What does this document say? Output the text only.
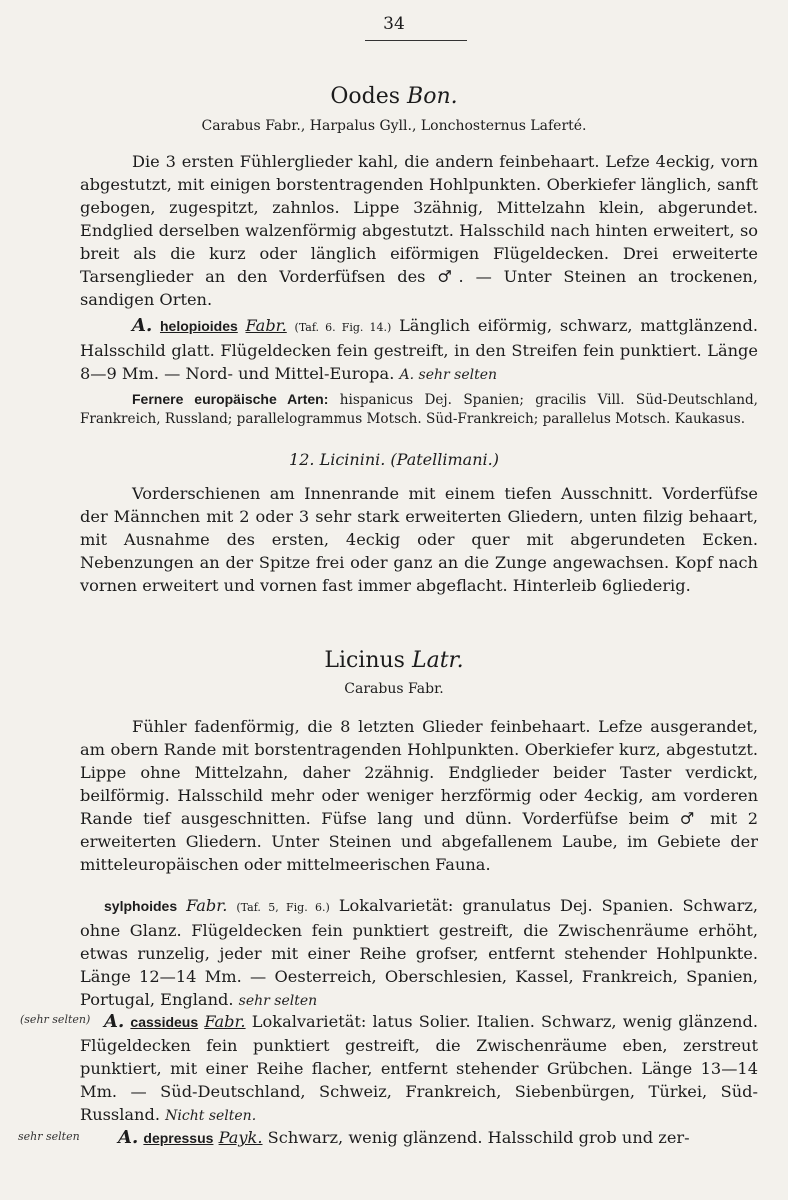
34
Oodes Bon.
Carabus Fabr., Harpalus Gyll., Lonchosternus Laferté.
Die 3 ersten Fühlerglieder kahl, die andern feinbehaart. Lefze 4eckig, vorn abgestutzt, mit einigen borstentragenden Hohlpunkten. Oberkiefer länglich, sanft gebogen, zugespitzt, zahnlos. Lippe 3zähnig, Mittelzahn klein, abgerundet. Endglied derselben walzenförmig abgestutzt. Halsschild nach hinten erweitert, so breit als die kurz oder länglich eiförmigen Flügeldecken. Drei erweiterte Tarsenglieder an den Vorderfüfsen des ♂. — Unter Steinen an trockenen, sandigen Orten.
A. helopioides Fabr. (Taf. 6. Fig. 14.) Länglich eiförmig, schwarz, mattglänzend. Halsschild glatt. Flügeldecken fein gestreift, in den Streifen fein punktiert. Länge 8—9 Mm. — Nord- und Mittel-Europa. A. sehr selten
Fernere europäische Arten: hispanicus Dej. Spanien; gracilis Vill. Süd-Deutschland, Frankreich, Russland; parallelogrammus Motsch. Süd-Frankreich; parallelus Motsch. Kaukasus.
12. Licinini. (Patellimani.)
Vorderschienen am Innenrande mit einem tiefen Ausschnitt. Vorderfüfse der Männchen mit 2 oder 3 sehr stark erweiterten Gliedern, unten filzig behaart, mit Ausnahme des ersten, 4eckig oder quer mit abgerundeten Ecken. Nebenzungen an der Spitze frei oder ganz an die Zunge angewachsen. Kopf nach vornen erweitert und vornen fast immer abgeflacht. Hinterleib 6gliederig.
Licinus Latr.
Carabus Fabr.
Fühler fadenförmig, die 8 letzten Glieder feinbehaart. Lefze ausgerandet, am obern Rande mit borstentragenden Hohlpunkten. Oberkiefer kurz, abgestutzt. Lippe ohne Mittelzahn, daher 2zähnig. Endglieder beider Taster verdickt, beilförmig. Halsschild mehr oder weniger herzförmig oder 4eckig, am vorderen Rande tief ausgeschnitten. Füfse lang und dünn. Vorderfüfse beim ♂ mit 2 erweiterten Gliedern. Unter Steinen und abgefallenem Laube, im Gebiete der mitteleuropäischen oder mittelmeerischen Fauna.
sylphoides Fabr. (Taf. 5, Fig. 6.) Lokalvarietät: granulatus Dej. Spanien. Schwarz, ohne Glanz. Flügeldecken fein punktiert gestreift, die Zwischenräume erhöht, etwas runzelig, jeder mit einer Reihe grofser, entfernt stehender Hohlpunkte. Länge 12—14 Mm. — Oesterreich, Oberschlesien, Kassel, Frankreich, Spanien, Portugal, England. sehr selten
(sehr selten) A. cassideus Fabr. Lokalvarietät: latus Solier. Italien. Schwarz, wenig glänzend. Flügeldecken fein punktiert gestreift, die Zwischenräume eben, zerstreut punktiert, mit einer Reihe flacher, entfernt stehender Grübchen. Länge 13—14 Mm. — Süd-Deutschland, Schweiz, Frankreich, Siebenbürgen, Türkei, Süd-Russland. Nicht selten.
sehr selten A. depressus Payk. Schwarz, wenig glänzend. Halsschild grob und zer-
